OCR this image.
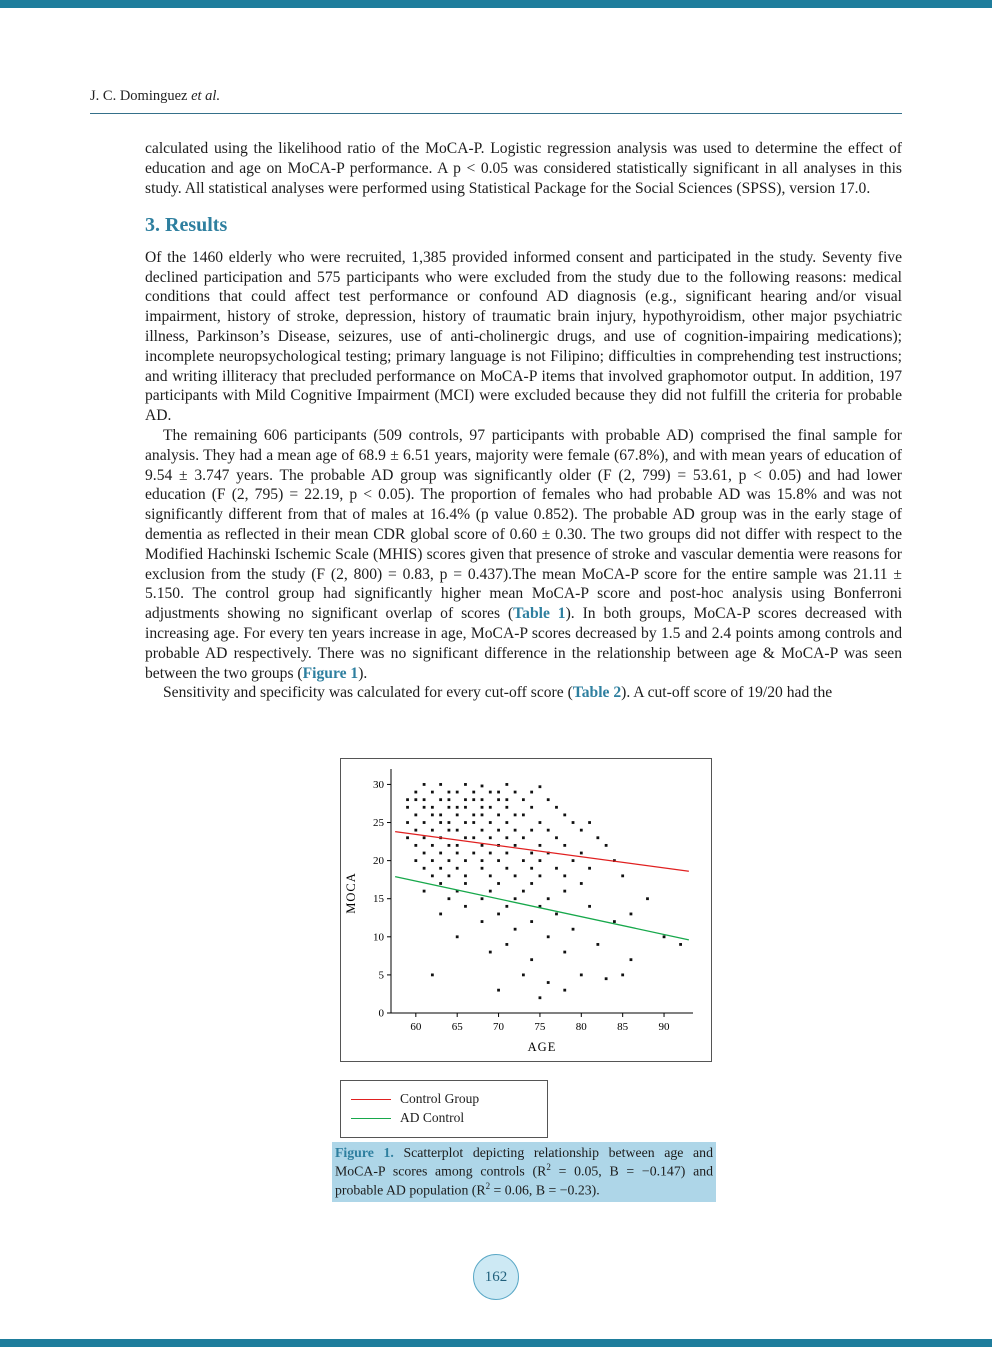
J. C. Dominguez et al.

calculated using the likelihood ratio of the MoCA-P. Logistic regression analysis was used to determine the effect of education and age on MoCA-P performance. A p < 0.05 was considered statistically significant in all analyses in this study. All statistical analyses were performed using Statistical Package for the Social Sciences (SPSS), version 17.0.

3. Results

Of the 1460 elderly who were recruited, 1,385 provided informed consent and participated in the study. Seventy five declined participation and 575 participants who were excluded from the study due to the following reasons: medical conditions that could affect test performance or confound AD diagnosis (e.g., significant hearing and/or visual impairment, history of stroke, depression, history of traumatic brain injury, hypothyroidism, other major psychiatric illness, Parkinson’s Disease, seizures, use of anti-cholinergic drugs, and use of cognition-impairing medications); incomplete neuropsychological testing; primary language is not Filipino; difficulties in comprehending test instructions; and writing illiteracy that precluded performance on MoCA-P items that involved graphomotor output. In addition, 197 participants with Mild Cognitive Impairment (MCI) were excluded because they did not fulfill the criteria for probable AD.

The remaining 606 participants (509 controls, 97 participants with probable AD) comprised the final sample for analysis. They had a mean age of 68.9 ± 6.51 years, majority were female (67.8%), and with mean years of education of 9.54 ± 3.747 years. The probable AD group was significantly older (F (2, 799) = 53.61, p < 0.05) and had lower education (F (2, 795) = 22.19, p < 0.05). The proportion of females who had probable AD was 15.8% and was not significantly different from that of males at 16.4% (p value 0.852). The probable AD group was in the early stage of dementia as reflected in their mean CDR global score of 0.60 ± 0.30. The two groups did not differ with respect to the Modified Hachinski Ischemic Scale (MHIS) scores given that presence of stroke and vascular dementia were reasons for exclusion from the study (F (2, 800) = 0.83, p = 0.437).The mean MoCA-P score for the entire sample was 21.11 ± 5.150. The control group had significantly higher mean MoCA-P score and post-hoc analysis using Bonferroni adjustments showing no significant overlap of scores (Table 1). In both groups, MoCA-P scores decreased with increasing age. For every ten years increase in age, MoCA-P scores decreased by 1.5 and 2.4 points among controls and probable AD respectively. There was no significant difference in the relationship between age & MoCA-P was seen between the two groups (Figure 1).

Sensitivity and specificity was calculated for every cut-off score (Table 2). A cut-off score of 19/20 had the

60	65	70	75	80	85	90
0
5
10
15
20
25
30
AGE
MOCA
Control Group
AD Control
Figure 1. Scatterplot depicting relationship between age and MoCA-P scores among controls ($R^2 = 0.05$, B = −0.147) and probable AD population ($R^2 = 0.06$, B = −0.23).
162
